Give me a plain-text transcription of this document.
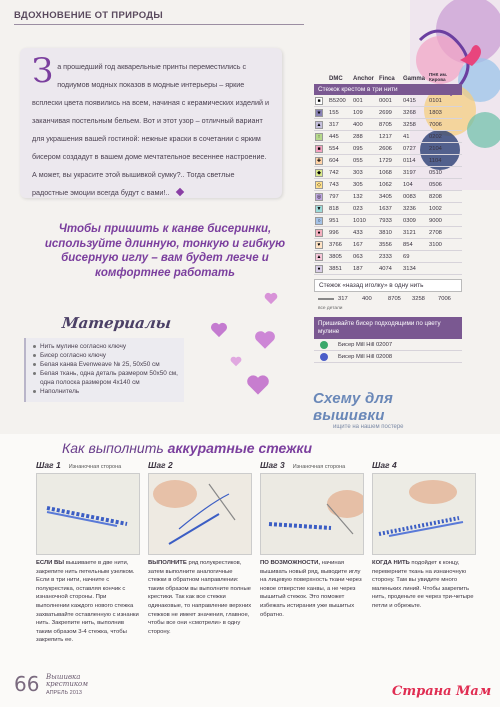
ВДОХНОВЕНИЕ ОТ ПРИРОДЫ
З а прошедший год акварельные принты переместились с подиумов модных показов в модные интерьеры – яркие всплески цвета появились на всем, начиная с керамических изделий и заканчивая постельным бельем. Вот и этот узор – отличный вариант для украшения вашей гостиной: нежные краски в сочетании с ярким бисером создадут в вашем доме мечтательное весеннее настроение. А может, вы украсите этой вышивкой сумку?.. Тогда светлые радостные эмоции всегда будут с вами!..
Чтобы пришить к канве бисеринки, используйте длинную, тонкую и гибкую бисерную иглу – вам будет легче и комфортнее работать
Материалы
Нить мулине согласно ключу
Бисер согласно ключу
Белая канва Evenweave № 25, 50x50 см
Белая ткань, одна деталь размером 50x50 см, одна полоска размером 4x140 см
Наполнитель
DMC	Anchor Finca	Gamma
ПНК им. Кирова
Стежок крестом в три нити
■	B5200	001	0001	0415	0101
★	155	109	2699	3268	1803
▲ 317	400	8705	3258	7006
↑	445	288	1217	41	0202
■	554	095	2606	0727	2104
✚	604	055	1729	0114	1104
◆	742	303	1068	3197	0510
◇	743	305	1062	104	0506
◎	797	132	3405	0083	8208
▼ 818	023	1637	3236	1002
○	951	1010	7933	0309	9000
●	996	433	3810	3121	2708
♥	3766	167	3556	854	3100
▲ 3805	063	2333	69
●	3851	187	4074	3134
Стежок «назад иголку» в одну нить
317	400	8705	3258	7006
все детали
Пришивайте бисер подходящими по цвету мулине
Бисер Mill Hill 02007
Бисер Mill Hill 02008
Схему для вышивки
ищите на нашем постере
Как выполнить аккуратные стежки
Шаг 1 Изнаночная сторона
ЕСЛИ ВЫ вышиваете в две нити, закрепите нить петельным узелком. Если в три нити, начните с полукрестика, оставляя кончик с изнаночной стороны. При выполнении каждого нового стежка захватывайте оставленную с изнанки нить. Закрепите нить, выполнив таким образом 3-4 стежка, чтобы закрепить ее.
Шаг 2
ВЫПОЛНИТЕ ряд полукрестиков, затем выполните аналогичные стежки в обратном направлении: таким образом вы выполните полные крестики. Так как все стежки одинаковые, то направление верхних стежков не имеет значения, главное, чтобы все они «смотрели» в одну сторону.
Шаг 3 Изнаночная сторона
ПО ВОЗМОЖНОСТИ, начиная вышивать новый ряд, выводите иглу на лицевую поверхность ткани через новое отверстие канвы, а не через вышитый стежок. Это поможет избежать истирания уже вышитых обратно.
Шаг 4
КОГДА НИТЬ подойдет к концу, переверните ткань на изнаночную сторону. Там вы увидите много маленьких линий. Чтобы закрепить нить, проденьте ее через три-четыре петли и обрежьте.
66 Вышивка
крестиком
АПРЕЛЬ 2013	Страна Мам
